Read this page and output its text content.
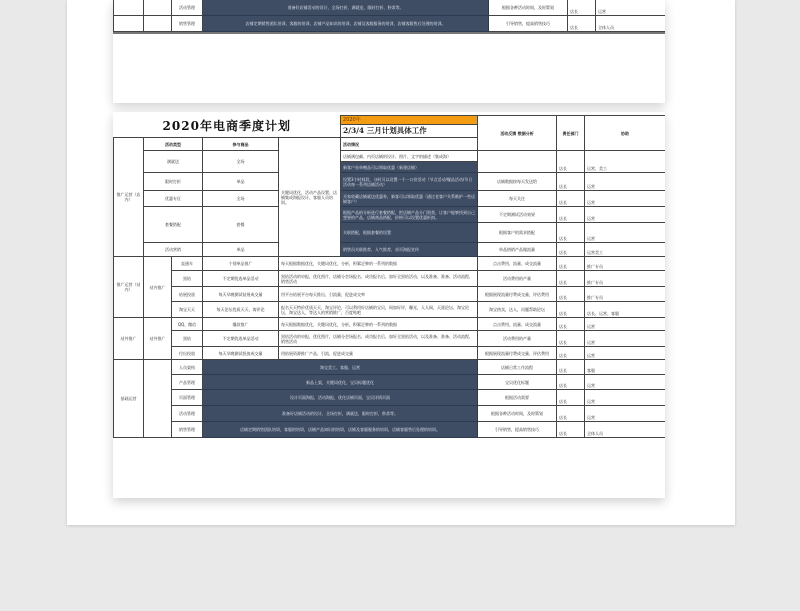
		活动管理	准备好店铺活动的设计，全场打折，满就送，限时打折，秒杀等。	根据各种活动时间，及时策划	店长	运营
		销售管理	店铺定期销售团队培训，客服的培训，店铺产品知识的培训，店铺及客服服务的培训，店铺客服售后处理的培训。	引导销售，提高销售技巧	店长	全体人员
2020年电商季度计划					2020年	活动反馈 数据分析	责任部门	协助
					2/3/4 三月计划具体工作			
推广运营（店内）	活动类型		参与商品	关键词优化、活动产品设置、店铺集成海报设计、客服人员培训。	活动情况			
	满就送		全场		店铺满包邮、内页店铺的设计、图片、文字的描述（集成海）		店长	运营、美工
					新客户首单赠品可以领取优惠（新建店铺）			
	限时打折		单品		设置3个时间段，分时可以设置一个一口价活动（节点活动/爆品活动/节日活动每一系列店铺活动）	店铺数据按每天发送给	店长	运营
	优惠专区		全场		买家收藏店铺就送优惠券，新客可以领取优惠（通过老客户关系维护一些店铺客户）	每天关注	店长	运营
	套餐搭配		套餐		根据产品的分析进行套餐搭配，把店铺产品分门别类，让客户能够找到自己想要的产品，店铺商品搭配，价格可以设置优惠折扣。	不定期测试活动效果	店长	运营
					关联搭配，根据套餐的设置	根据客户的需求搭配	店长	运营
	活动营销		单品		销售员关联推荐，人气推荐，首页海报宣传	单品热销产品做流量	店长	运营美工
推广运营（站内）	站内推广	直通车	个别单品推广	每天根据数据优化，关键词优化，分析，积累足够的一系列的数据		点击费用、流量、成交流量	店长	推广专员
		黑钻	不定期优选单品活动	黑钻活动的申报，优化图片，店铺分会场报名，成功报名后，加好全黑钻活动，以及准备、准备、活动流程、销售活动		活动费用的产量	店长	推广专员
		钻展投放	每天早晚测试钻展成交量	用平台钻展平台每天推出，引流量，促进成交率		根据展现流量付费成交量，评估费用	店长	推广专员
		淘宝天天	每天论坛优质天天、淘评论	报名天天特价优质天天，淘宝评论，可以利用好店铺的宝贝，同加好评，曝光、人人网，天涯论坛，淘宝论坛，淘宝达人，等达人的营销推广，百度贴吧		淘宝热卖，达人，问题帮助论坛	店长	店长、运营、客服
站外推广	站外推广	QQ、微信	爆款推广	每天根据数据优化，关键词优化，分析，积累足够的一系列的数据		点击费用、流量、成交流量	店长	运营
		黑钻	不定期优选单品活动	黑钻活动的申报，优化图片，店铺分会场报名，成功报名后，加好全黑钻活动，以及准备、准备、活动流程、销售活动		活动费用的产量	店长	运营
		付出投放	每天早晚测试投放成交量	用钻展资源推广产品，引流，促进成交量		根据展现流量付费成交量，评估费用	店长	运营
基础运营		人员架构	淘宝美工、客服、运营			店铺日常工作流程	店长	客服
		产品管理	新品上架，关键词优化，宝贝标题优化			宝贝优化标题	店长	运营
		页面管理	设计页面海报，活动海报，优化店铺页面，宝贝详情页面			根据活动需要	店长	运营
		活动管理	准备好店铺活动的设计，全场打折，满就送，限时打折，秒杀等。			根据各种活动时间，及时策划	店长	运营
		销售管理	店铺定期销售团队培训，客服的培训，店铺产品知识的培训，店铺及客服服务的培训，店铺客服售后处理的培训。			引导销售，提高销售技巧	店长	全体人员
